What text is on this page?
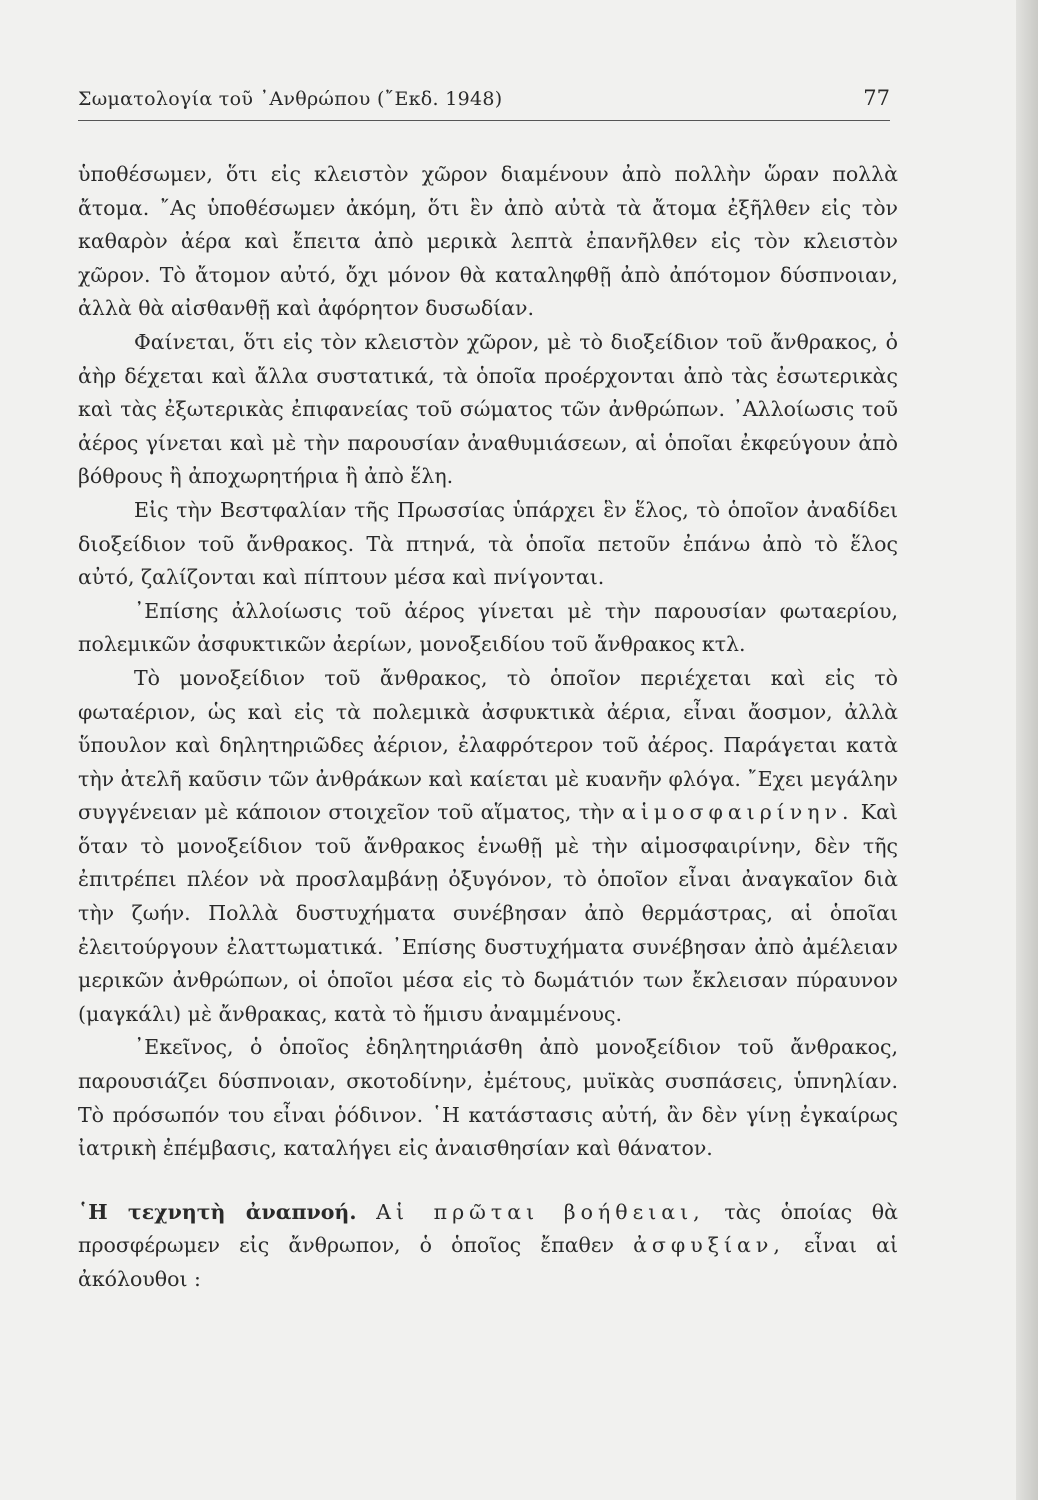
Σωματολογία τοῦ ᾿Ανθρώπου (῎Εκδ. 1948)	77

ὑποθέσωμεν, ὅτι εἰς κλειστὸν χῶρον διαμένουν ἀπὸ πολλὴν ὥραν πολλὰ ἄτομα. ῎Ας ὑποθέσωμεν ἀκόμη, ὅτι ἓν ἀπὸ αὐτὰ τὰ ἄτομα ἐξῆλθεν εἰς τὸν καθαρὸν ἀέρα καὶ ἔπειτα ἀπὸ μερικὰ λεπτὰ ἐπανῆλθεν εἰς τὸν κλειστὸν χῶρον. Τὸ ἄτομον αὐτό, ὄχι μόνον θὰ καταληφθῇ ἀπὸ ἀπότομον δύσπνοιαν, ἀλλὰ θὰ αἰσθανθῇ καὶ ἀφόρητον δυσωδίαν.

Φαίνεται, ὅτι εἰς τὸν κλειστὸν χῶρον, μὲ τὸ διοξείδιον τοῦ ἄνθρακος, ὁ ἀὴρ δέχεται καὶ ἄλλα συστατικά, τὰ ὁποῖα προέρχονται ἀπὸ τὰς ἐσωτερικὰς καὶ τὰς ἐξωτερικὰς ἐπιφανείας τοῦ σώματος τῶν ἀνθρώπων. ᾿Αλλοίωσις τοῦ ἀέρος γίνεται καὶ μὲ τὴν παρουσίαν ἀναθυμιάσεων, αἱ ὁποῖαι ἐκφεύγουν ἀπὸ βόθρους ἢ ἀποχωρητήρια ἢ ἀπὸ ἕλη.

Εἰς τὴν Βεστφαλίαν τῆς Πρωσσίας ὑπάρχει ἓν ἕλος, τὸ ὁποῖον ἀναδίδει διοξείδιον τοῦ ἄνθρακος. Τὰ πτηνά, τὰ ὁποῖα πετοῦν ἐπάνω ἀπὸ τὸ ἕλος αὐτό, ζαλίζονται καὶ πίπτουν μέσα καὶ πνίγονται.

᾿Επίσης ἀλλοίωσις τοῦ ἀέρος γίνεται μὲ τὴν παρουσίαν φωταερίου, πολεμικῶν ἀσφυκτικῶν ἀερίων, μονοξειδίου τοῦ ἄνθρακος κτλ.

Τὸ μονοξείδιον τοῦ ἄνθρακος, τὸ ὁποῖον περιέχεται καὶ εἰς τὸ φωταέριον, ὡς καὶ εἰς τὰ πολεμικὰ ἀσφυκτικὰ ἀέρια, εἶναι ἄοσμον, ἀλλὰ ὕπουλον καὶ δηλητηριῶδες ἀέριον, ἐλαφρότερον τοῦ ἀέρος. Παράγεται κατὰ τὴν ἀτελῆ καῦσιν τῶν ἀνθράκων καὶ καίεται μὲ κυανῆν φλόγα. ῎Εχει μεγάλην συγγένειαν μὲ κάποιον στοιχεῖον τοῦ αἵματος, τὴν αἱμοσφαιρίνην. Καὶ ὅταν τὸ μονοξείδιον τοῦ ἄνθρακος ἑνωθῇ μὲ τὴν αἱμοσφαιρίνην, δὲν τῆς ἐπιτρέπει πλέον νὰ προσλαμβάνῃ ὀξυγόνον, τὸ ὁποῖον εἶναι ἀναγκαῖον διὰ τὴν ζωήν. Πολλὰ δυστυχήματα συνέβησαν ἀπὸ θερμάστρας, αἱ ὁποῖαι ἐλειτούργουν ἐλαττωματικά. ᾿Επίσης δυστυχήματα συνέβησαν ἀπὸ ἀμέλειαν μερικῶν ἀνθρώπων, οἱ ὁποῖοι μέσα εἰς τὸ δωμάτιόν των ἔκλεισαν πύραυνον (μαγκάλι) μὲ ἄνθρακας, κατὰ τὸ ἥμισυ ἀναμμένους.

᾿Εκεῖνος, ὁ ὁποῖος ἐδηλητηριάσθη ἀπὸ μονοξείδιον τοῦ ἄνθρακος, παρουσιάζει δύσπνοιαν, σκοτοδίνην, ἐμέτους, μυϊκὰς συσπάσεις, ὑπνηλίαν. Τὸ πρόσωπόν του εἶναι ῥόδινον. ῾Η κατάστασις αὐτή, ἂν δὲν γίνῃ ἐγκαίρως ἰατρικὴ ἐπέμβασις, καταλήγει εἰς ἀναισθησίαν καὶ θάνατον.

῾Η τεχνητὴ ἀναπνοή. Αἱ πρῶται βοήθειαι, τὰς ὁποίας θὰ προσφέρωμεν εἰς ἄνθρωπον, ὁ ὁποῖος ἔπαθεν ἀσφυξίαν, εἶναι αἱ ἀκόλουθοι :
